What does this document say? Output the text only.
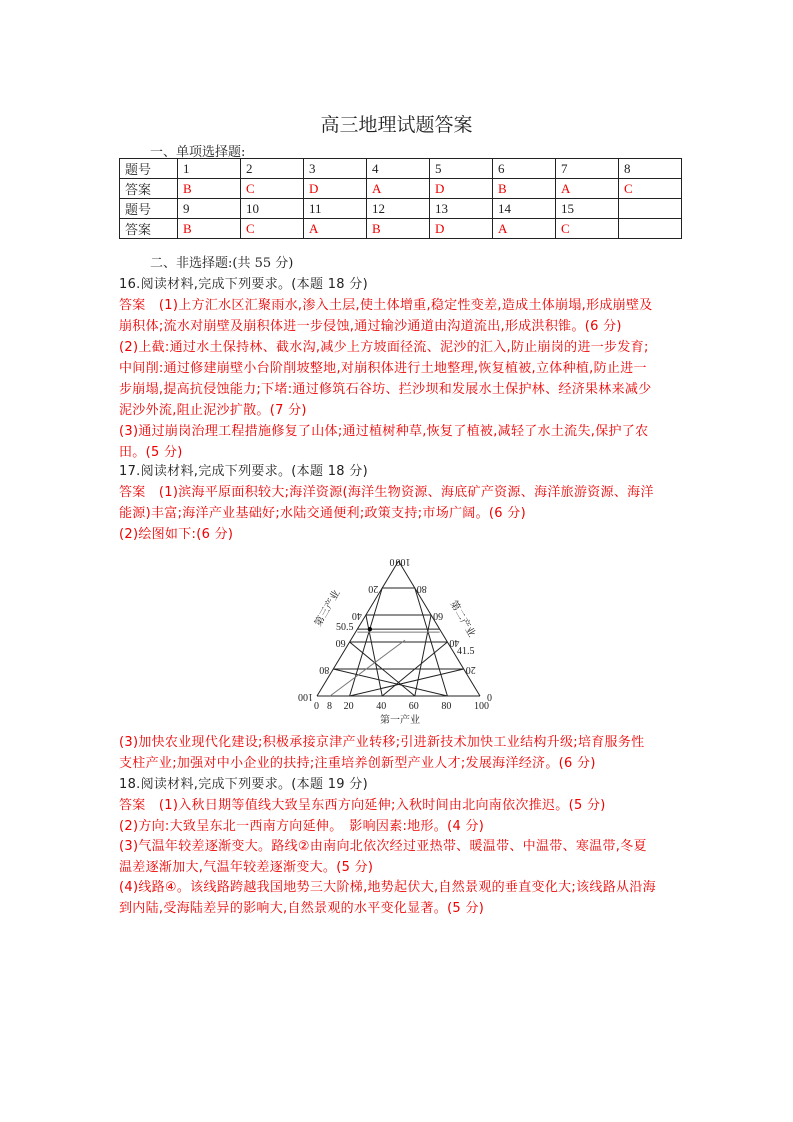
高三地理试题答案
一、单项选择题:
题号	1	2	3	4	5	6	7	8
答案	B	C	D	A	D	B	A	C
题号	9	10	11	12	13	14	15	
答案	B	C	A	B	D	A	C	
二、非选择题:(共 55 分)
16.阅读材料,完成下列要求。(本题 18 分)
答案　(1)上方汇水区汇聚雨水,渗入土层,使土体增重,稳定性变差,造成土体崩塌,形成崩壁及
崩积体;流水对崩壁及崩积体进一步侵蚀,通过输沙通道由沟道流出,形成洪积锥。(6 分)
(2)上截:通过水土保持林、截水沟,减少上方坡面径流、泥沙的汇入,防止崩岗的进一步发育;
中间削:通过修建崩壁小台阶削坡整地,对崩积体进行土地整理,恢复植被,立体种植,防止进一
步崩塌,提高抗侵蚀能力;下堵:通过修筑石谷坊、拦沙坝和发展水土保护林、经济果林来减少
泥沙外流,阻止泥沙扩散。(7 分)
(3)通过崩岗治理工程措施修复了山体;通过植树种草,恢复了植被,减轻了水土流失,保护了农
田。(5 分)
17.阅读材料,完成下列要求。(本题 18 分)
答案　(1)滨海平原面积较大;海洋资源(海洋生物资源、海底矿产资源、海洋旅游资源、海洋
能源)丰富;海洋产业基础好;水陆交通便利;政策支持;市场广阔。(6 分)
(2)绘图如下:(6 分)
0 8 20 40 60 80 100
0
20
40
60
80
100	0
20
40
60
80
100
第三产业	第二产业
第一产业
50.5
41.5
(3)加快农业现代化建设;积极承接京津产业转移;引进新技术加快工业结构升级;培育服务性
支柱产业;加强对中小企业的扶持;注重培养创新型产业人才;发展海洋经济。(6 分)
18.阅读材料,完成下列要求。(本题 19 分)
答案　(1)入秋日期等值线大致呈东西方向延伸;入秋时间由北向南依次推迟。(5 分)
(2)方向:大致呈东北一西南方向延伸。　影响因素:地形。(4 分)
(3)气温年较差逐渐变大。路线②由南向北依次经过亚热带、暖温带、中温带、寒温带,冬夏
温差逐渐加大,气温年较差逐渐变大。(5 分)
(4)线路④。该线路跨越我国地势三大阶梯,地势起伏大,自然景观的垂直变化大;该线路从沿海
到内陆,受海陆差异的影响大,自然景观的水平变化显著。(5 分)
